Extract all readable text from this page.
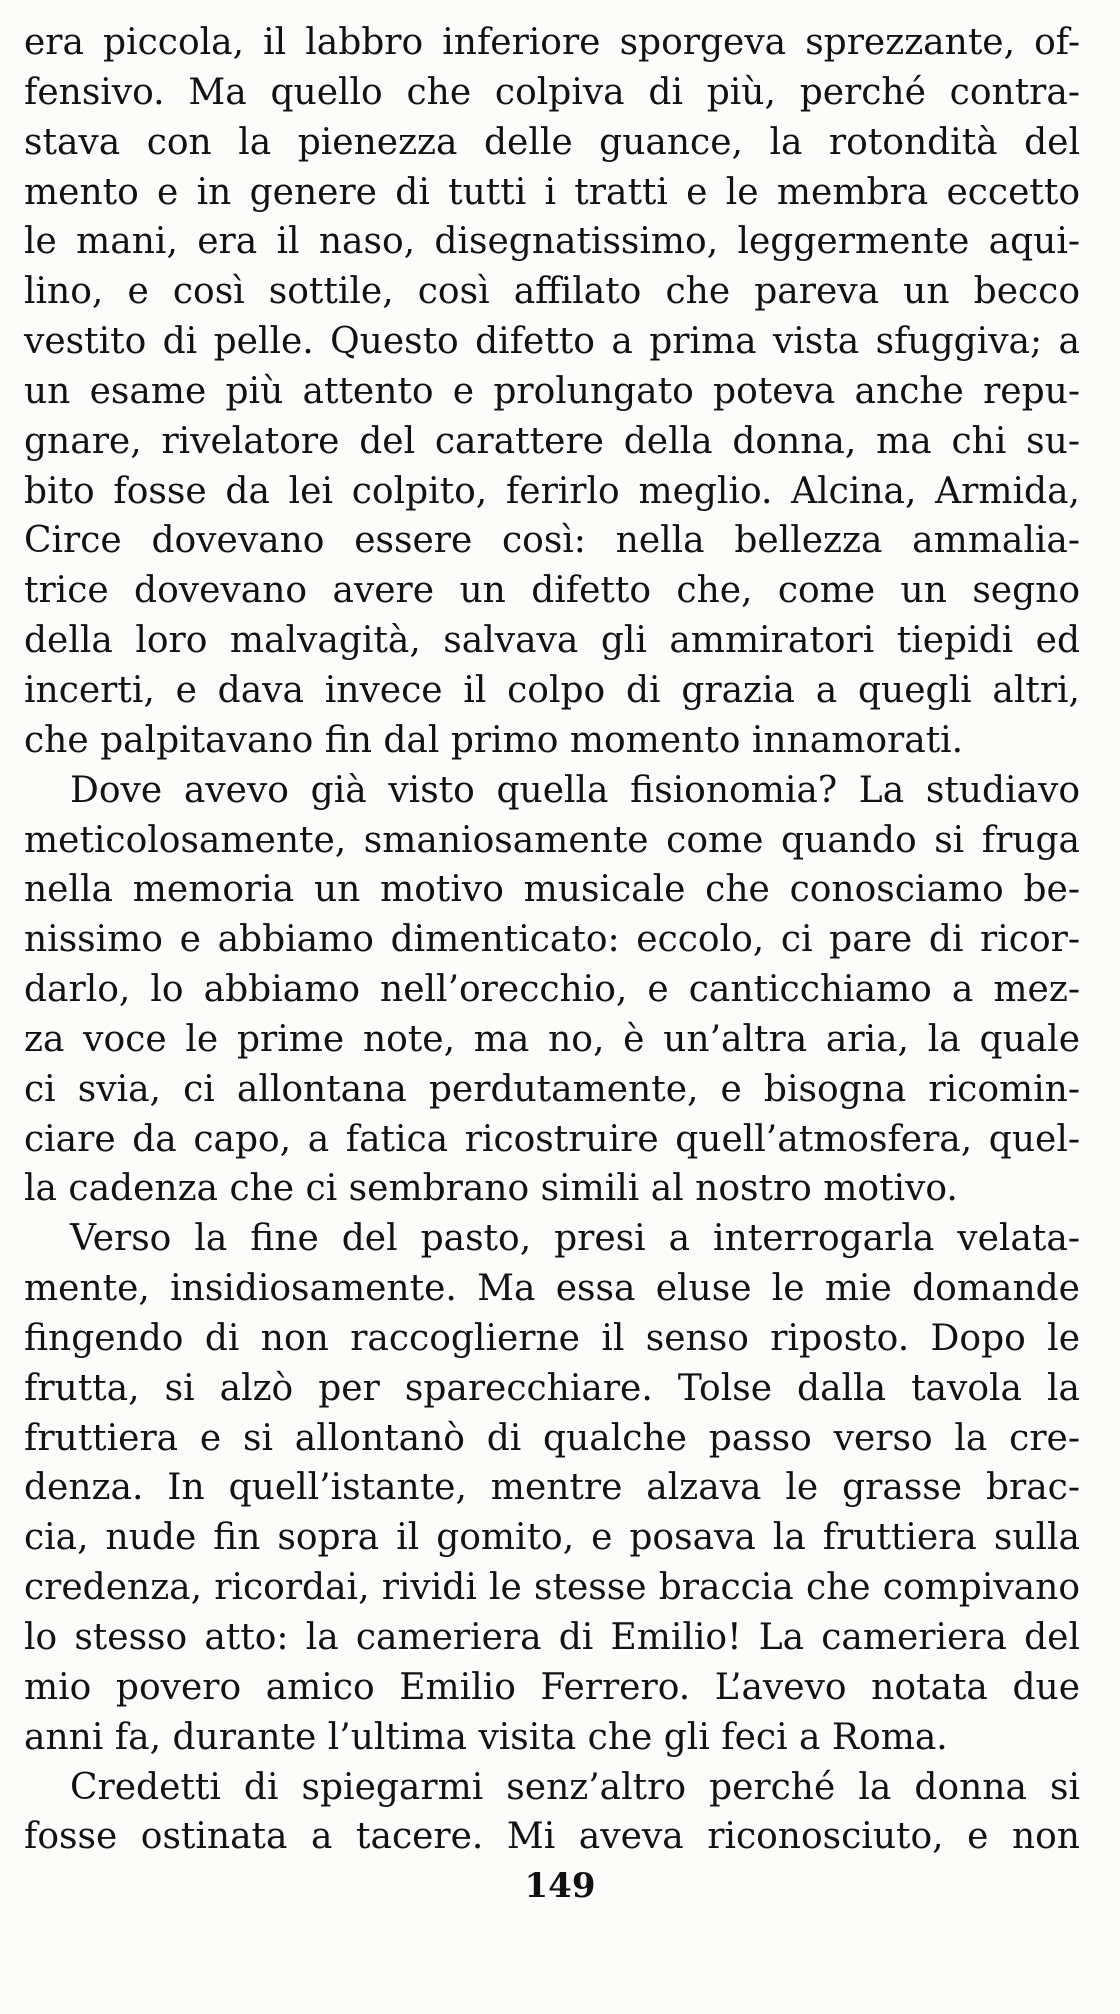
era piccola, il labbro inferiore sporgeva sprezzante, of-
fensivo. Ma quello che colpiva di più, perché contra-
stava con la pienezza delle guance, la rotondità del
mento e in genere di tutti i tratti e le membra eccetto
le mani, era il naso, disegnatissimo, leggermente aqui-
lino, e così sottile, così affilato che pareva un becco
vestito di pelle. Questo difetto a prima vista sfuggiva; a
un esame più attento e prolungato poteva anche repu-
gnare, rivelatore del carattere della donna, ma chi su-
bito fosse da lei colpito, ferirlo meglio. Alcina, Armida,
Circe dovevano essere così: nella bellezza ammalia-
trice dovevano avere un difetto che, come un segno
della loro malvagità, salvava gli ammiratori tiepidi ed
incerti, e dava invece il colpo di grazia a quegli altri,
che palpitavano fin dal primo momento innamorati.
Dove avevo già visto quella fisionomia? La studiavo
meticolosamente, smaniosamente come quando si fruga
nella memoria un motivo musicale che conosciamo be-
nissimo e abbiamo dimenticato: eccolo, ci pare di ricor-
darlo, lo abbiamo nell’orecchio, e canticchiamo a mez-
za voce le prime note, ma no, è un’altra aria, la quale
ci svia, ci allontana perdutamente, e bisogna ricomin-
ciare da capo, a fatica ricostruire quell’atmosfera, quel-
la cadenza che ci sembrano simili al nostro motivo.
Verso la fine del pasto, presi a interrogarla velata-
mente, insidiosamente. Ma essa eluse le mie domande
fingendo di non raccoglierne il senso riposto. Dopo le
frutta, si alzò per sparecchiare. Tolse dalla tavola la
fruttiera e si allontanò di qualche passo verso la cre-
denza. In quell’istante, mentre alzava le grasse brac-
cia, nude fin sopra il gomito, e posava la fruttiera sulla
credenza, ricordai, rividi le stesse braccia che compivano
lo stesso atto: la cameriera di Emilio! La cameriera del
mio povero amico Emilio Ferrero. L’avevo notata due
anni fa, durante l’ultima visita che gli feci a Roma.
Credetti di spiegarmi senz’altro perché la donna si
fosse ostinata a tacere. Mi aveva riconosciuto, e non
149
